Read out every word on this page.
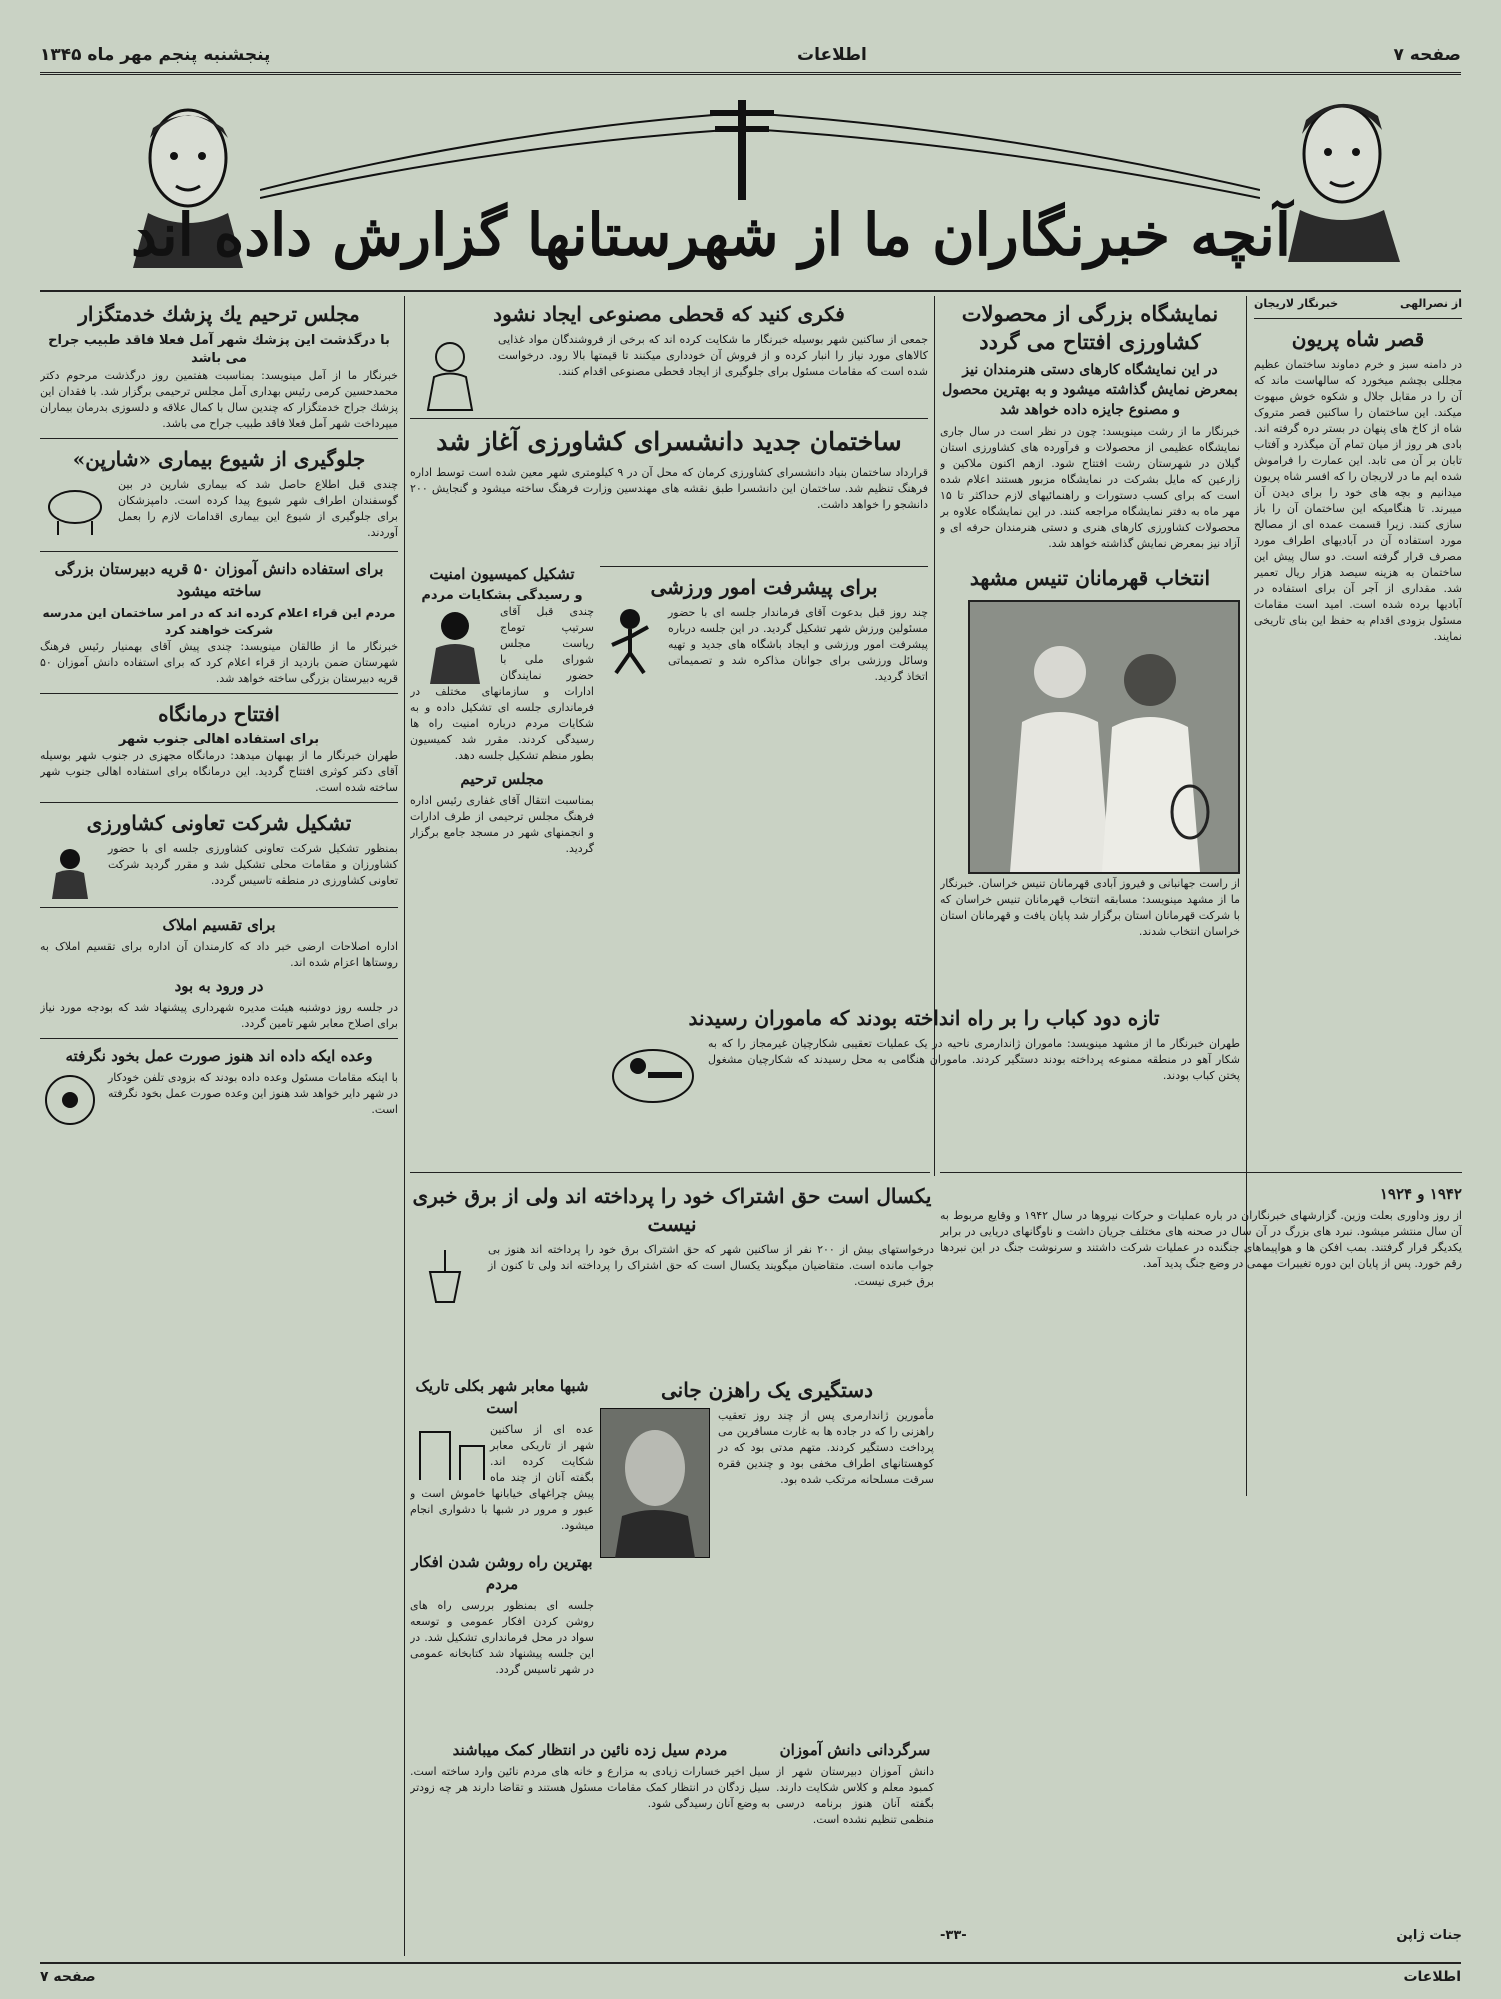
صفحه ۷
اطلاعات
پنجشنبه پنجم مهر ماه ۱۳۴۵
آنچه خبرنگاران ما از شهرستانها گزارش داده اند
از نصرالهی
خبرنگار لاریجان
قصر شاه پریون

در دامنه سبز و خرم دماوند ساختمان عظیم مجللی بچشم میخورد که سالهاست ماند که آن را در مقابل جلال و شکوه خوش مبهوت میکند. این ساختمان را ساکنین قصر متروک شاه از کاخ های پنهان در بستر دره گرفته اند. بادی هر روز از میان تمام آن میگذرد و آفتاب تابان بر آن می تابد. این عمارت را فراموش شده ایم ما در لاریجان را که افسر شاه پریون میدانیم و بچه های خود را برای دیدن آن میبرند. تا هنگامیکه این ساختمان آن را باز سازی کنند. زیرا قسمت عمده ای از مصالح مورد استفاده آن در آبادیهای اطراف مورد مصرف قرار گرفته است. دو سال پیش این ساختمان به هزینه سیصد هزار ریال تعمیر شد. مقداری از آجر آن برای استفاده در آبادیها برده شده است. امید است مقامات مسئول بزودی اقدام به حفظ این بنای تاریخی نمایند.

نمایشگاه بزرگی از محصولات کشاورزی افتتاح می گردد
در این نمایشگاه کارهای دستی هنرمندان نیز بمعرض نمایش گذاشته میشود و به بهترین محصول و مصنوع جایزه داده خواهد شد

خبرنگار ما از رشت مینویسد: چون در نظر است در سال جاری نمایشگاه عظیمی از محصولات و فرآورده های کشاورزی استان گیلان در شهرستان رشت افتتاح شود. ازهم اکنون ملاکین و زارعین که مایل بشرکت در نمایشگاه مزبور هستند اعلام شده است که برای کسب دستورات و راهنمائیهای لازم حداکثر تا ۱۵ مهر ماه به دفتر نمایشگاه مراجعه کنند. در این نمایشگاه علاوه بر محصولات کشاورزی کارهای هنری و دستی هنرمندان حرفه ای و آزاد نیز بمعرض نمایش گذاشته خواهد شد.

انتخاب قهرمانان تنیس مشهد

از راست جهانبانی و فیروز آبادی قهرمانان تنیس خراسان. خبرنگار ما از مشهد مینویسد: مسابقه انتخاب قهرمانان تنیس خراسان که با شرکت قهرمانان استان برگزار شد پایان یافت و قهرمانان استان خراسان انتخاب شدند.

تازه دود کباب را بر راه انداخته بودند که ماموران رسیدند

طهران خبرنگار ما از مشهد مینویسد: ماموران ژاندارمری ناحیه در یک عملیات تعقیبی شکارچیان غیرمجاز را که به شکار آهو در منطقه ممنوعه پرداخته بودند دستگیر کردند. ماموران هنگامی به محل رسیدند که شکارچیان مشغول پختن کباب بودند.

۱۹۴۲ و ۱۹۲۴

از روز وداوری بعلت وزین. گزارشهای خبرنگاران در باره عملیات و حرکات نیروها در سال ۱۹۴۲ و وقایع مربوط به آن سال منتشر میشود. نبرد های بزرگ در آن سال در صحنه های مختلف جریان داشت و ناوگانهای دریایی در برابر یکدیگر قرار گرفتند. بمب افکن ها و هواپیماهای جنگنده در عملیات شرکت داشتند و سرنوشت جنگ در این نبردها رقم خورد. پس از پایان این دوره تغییرات مهمی در وضع جنگ پدید آمد.

جنات ژاپن
-۳۳-
فکری کنید که قحطی مصنوعی ایجاد نشود

جمعی از ساکنین شهر بوسیله خبرنگار ما شکایت کرده اند که برخی از فروشندگان مواد غذایی کالاهای مورد نیاز را انبار کرده و از فروش آن خودداری میکنند تا قیمتها بالا رود. درخواست شده است که مقامات مسئول برای جلوگیری از ایجاد قحطی مصنوعی اقدام کنند.

ساختمان جدید دانشسرای کشاورزی آغاز شد

قرارداد ساختمان بنیاد دانشسرای کشاورزی کرمان که محل آن در ۹ کیلومتری شهر معین شده است توسط اداره فرهنگ تنظیم شد. ساختمان این دانشسرا طبق نقشه های مهندسین وزارت فرهنگ ساخته میشود و گنجایش ۲۰۰ دانشجو را خواهد داشت.

برای پیشرفت امور ورزشی

چند روز قبل بدعوت آقای فرماندار جلسه ای با حضور مسئولین ورزش شهر تشکیل گردید. در این جلسه درباره پیشرفت امور ورزشی و ایجاد باشگاه های جدید و تهیه وسائل ورزشی برای جوانان مذاکره شد و تصمیماتی اتخاذ گردید.

تشکیل کمیسیون امنیت
و رسیدگی بشکایات مردم

چندی قبل آقای سرتیپ توماج ریاست مجلس شورای ملی با حضور نمایندگان ادارات و سازمانهای مختلف در فرمانداری جلسه ای تشکیل داده و به شکایات مردم درباره امنیت راه ها رسیدگی کردند. مقرر شد کمیسیون بطور منظم تشکیل جلسه دهد.

مجلس ترحیم

بمناسبت انتقال آقای غفاری رئیس اداره فرهنگ مجلس ترحیمی از طرف ادارات و انجمنهای شهر در مسجد جامع برگزار گردید.

یکسال است حق اشتراک خود را پرداخته اند ولی از برق خبری نیست

درخواستهای بیش از ۲۰۰ نفر از ساکنین شهر که حق اشتراک برق خود را پرداخته اند هنوز بی جواب مانده است. متقاضیان میگویند یکسال است که حق اشتراک را پرداخته اند ولی تا کنون از برق خبری نیست.

دستگیری یک راهزن جانی

مأمورین ژاندارمری پس از چند روز تعقیب راهزنی را که در جاده ها به غارت مسافرین می پرداخت دستگیر کردند. متهم مدتی بود که در کوهستانهای اطراف مخفی بود و چندین فقره سرقت مسلحانه مرتکب شده بود.

شبها معابر شهر بکلی تاریک است

عده ای از ساکنین شهر از تاریکی معابر شکایت کرده اند. بگفته آنان از چند ماه پیش چراغهای خیابانها خاموش است و عبور و مرور در شبها با دشواری انجام میشود.

بهترین راه روشن شدن افکار مردم

جلسه ای بمنظور بررسی راه های روشن کردن افکار عمومی و توسعه سواد در محل فرمانداری تشکیل شد. در این جلسه پیشنهاد شد کتابخانه عمومی در شهر تاسیس گردد.

مردم سیل زده نائین در انتظار کمک میباشند

سیل اخیر خسارات زیادی به مزارع و خانه های مردم نائین وارد ساخته است. سیل زدگان در انتظار کمک مقامات مسئول هستند و تقاضا دارند هر چه زودتر به وضع آنان رسیدگی شود.

سرگردانی دانش آموزان

دانش آموزان دبیرستان شهر از کمبود معلم و کلاس شکایت دارند. بگفته آنان هنوز برنامه درسی منظمی تنظیم نشده است.

مجلس ترحیم یك پزشك خدمتگزار
با درگذشت این پزشك شهر آمل فعلا فاقد طبیب جراح می باشد

خبرنگار ما از آمل مینویسد: بمناسبت هفتمین روز درگذشت مرحوم دکتر محمدحسین کرمی رئیس بهداری آمل مجلس ترحیمی برگزار شد. با فقدان این پزشك جراح خدمتگزار که چندین سال با کمال علاقه و دلسوزی بدرمان بیماران میپرداخت شهر آمل فعلا فاقد طبیب جراح می باشد.

جلوگیری از شیوع بیماری «شارپن»

چندی قبل اطلاع حاصل شد که بیماری شارپن در بین گوسفندان اطراف شهر شیوع پیدا کرده است. دامپزشکان برای جلوگیری از شیوع این بیماری اقدامات لازم را بعمل آوردند.

برای استفاده دانش آموزان ۵۰ قریه دبیرستان بزرگی ساخته میشود
مردم این قراء اعلام کرده اند که در امر ساختمان این مدرسه شرکت خواهند کرد

خبرنگار ما از طالقان مینویسد: چندی پیش آقای بهمنیار رئیس فرهنگ شهرستان ضمن بازدید از قراء اعلام کرد که برای استفاده دانش آموزان ۵۰ قریه دبیرستان بزرگی ساخته خواهد شد.

افتتاح درمانگاه
برای استفاده اهالی جنوب شهر

طهران خبرنگار ما از بهبهان میدهد: درمانگاه مجهزی در جنوب شهر بوسیله آقای دکتر کوثری افتتاح گردید. این درمانگاه برای استفاده اهالی جنوب شهر ساخته شده است.

تشکیل شرکت تعاونی کشاورزی

بمنظور تشکیل شرکت تعاونی کشاورزی جلسه ای با حضور کشاورزان و مقامات محلی تشکیل شد و مقرر گردید شرکت تعاونی کشاورزی در منطقه تاسیس گردد.

برای تقسیم املاک

اداره اصلاحات ارضی خبر داد که کارمندان آن اداره برای تقسیم املاک به روستاها اعزام شده اند.

در ورود به بود

در جلسه روز دوشنبه هیئت مدیره شهرداری پیشنهاد شد که بودجه مورد نیاز برای اصلاح معابر شهر تامین گردد.

وعده ایکه داده اند هنوز صورت عمل بخود نگرفته

با اینکه مقامات مسئول وعده داده بودند که بزودی تلفن خودکار در شهر دایر خواهد شد هنوز این وعده صورت عمل بخود نگرفته است.

اطلاعات
صفحه ۷
